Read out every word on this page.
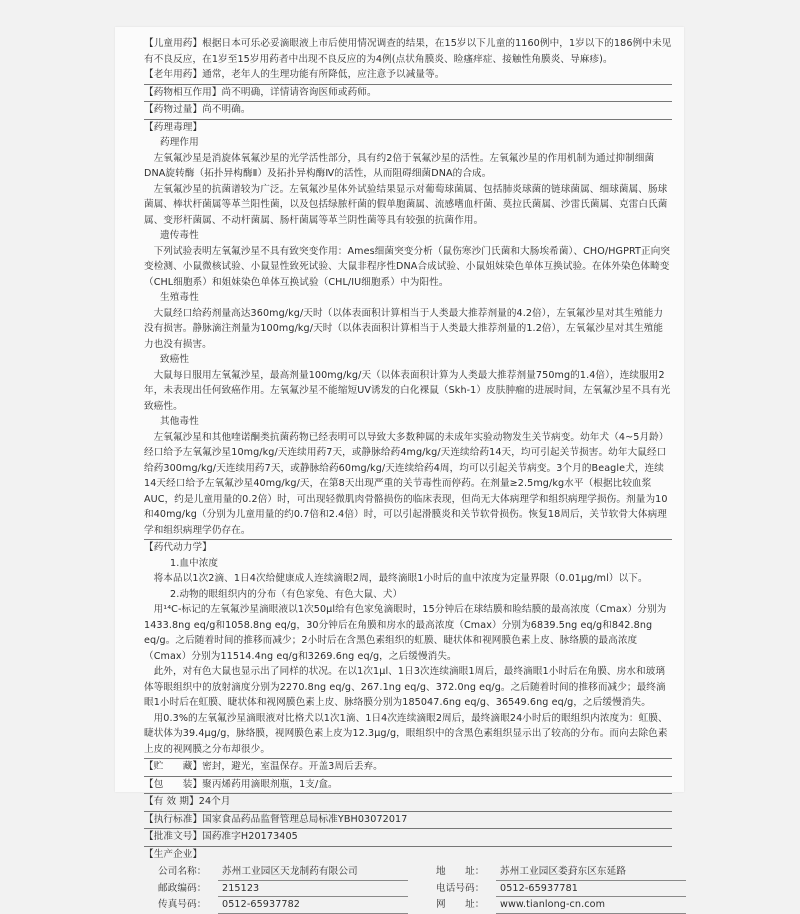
【儿童用药】根据日本可乐必妥滴眼液上市后使用情况调查的结果，在15岁以下儿童的1160例中，1岁以下的186例中未见有不良反应，在1岁至15岁用药者中出现不良反应的为4例(点状角膜炎、睑瘙痒症、接触性角膜炎、导麻疹)。

【老年用药】通常，老年人的生理功能有所降低，应注意予以减量等。

【药物相互作用】尚不明确，详情请咨询医师或药师。

【药物过量】尚不明确。

【药理毒理】

药理作用

左氧氟沙星是消旋体氧氟沙星的光学活性部分，具有约2倍于氧氟沙星的活性。左氧氟沙星的作用机制为通过抑制细菌DNA旋转酶（拓扑异构酶Ⅱ）及拓扑异构酶Ⅳ的活性，从而阻碍细菌DNA的合成。

左氧氟沙星的抗菌谱较为广泛。左氧氟沙星体外试验结果显示对葡萄球菌属、包括肺炎球菌的链球菌属、细球菌属、肠球菌属、棒状杆菌属等革兰阳性菌，以及包括绿脓杆菌的假单胞菌属、流感嗜血杆菌、莫拉氏菌属、沙雷氏菌属、克雷白氏菌属、变形杆菌属、不动杆菌属、肠杆菌属等革兰阴性菌等具有较强的抗菌作用。

遗传毒性

下列试验表明左氧氟沙星不具有致突变作用：Ames细菌突变分析（鼠伤寒沙门氏菌和大肠埃希菌）、CHO/HGPRT正向突变检测、小鼠微核试验、小鼠显性致死试验、大鼠非程序性DNA合成试验、小鼠姐妹染色单体互换试验。在体外染色体畸变（CHL细胞系）和姐妹染色单体互换试验（CHL/IU细胞系）中为阳性。

生殖毒性

大鼠经口给药剂量高达360mg/kg/天时（以体表面积计算相当于人类最大推荐剂量的4.2倍），左氧氟沙星对其生殖能力没有损害。静脉滴注剂量为100mg/kg/天时（以体表面积计算相当于人类最大推荐剂量的1.2倍），左氧氟沙星对其生殖能力也没有损害。

致癌性

大鼠每日服用左氧氟沙星，最高剂量100mg/kg/天（以体表面积计算为人类最大推荐剂量750mg的1.4倍），连续服用2年，未表现出任何致癌作用。左氧氟沙星不能缩短UV诱发的白化裸鼠（Skh-1）皮肤肿瘤的进展时间，左氧氟沙星不具有光致癌性。

其他毒性

左氧氟沙星和其他喹诺酮类抗菌药物已经表明可以导致大多数种属的未成年实验动物发生关节病变。幼年犬（4~5月龄）经口给予左氧氟沙星10mg/kg/天连续用药7天，或静脉给药4mg/kg/天连续给药14天，均可引起关节损害。幼年大鼠经口给药300mg/kg/天连续用药7天，或静脉给药60mg/kg/天连续给药4周，均可以引起关节病变。3个月的Beagle犬，连续14天经口给予左氧氟沙星40mg/kg/天，在第8天出现严重的关节毒性而停药。在剂量≥2.5mg/kg水平（根据比较血浆AUC，约是儿童用量的0.2倍）时，可出现轻微肌肉骨骼损伤的临床表现，但尚无大体病理学和组织病理学损伤。剂量为10和40mg/kg（分别为儿童用量的约0.7倍和2.4倍）时，可以引起滑膜炎和关节软骨损伤。恢复18周后，关节软骨大体病理学和组织病理学仍存在。

【药代动力学】

1.血中浓度

将本品以1次2滴、1日4次给健康成人连续滴眼2周，最终滴眼1小时后的血中浓度为定量界限（0.01μg/ml）以下。

2.动物的眼组织内的分布（有色家兔、有色大鼠、犬）

用¹⁴C-标记的左氧氟沙星滴眼液以1次50μl给有色家兔滴眼时，15分钟后在球结膜和睑结膜的最高浓度（Cmax）分别为1433.8ng eq/g和1058.8ng eq/g，30分钟后在角膜和房水的最高浓度（Cmax）分别为6839.5ng eq/g和842.8ng eq/g。之后随着时间的推移而减少；2小时后在含黑色素组织的虹膜、睫状体和视网膜色素上皮、脉络膜的最高浓度（Cmax）分别为11514.4ng eq/g和3269.6ng eq/g，之后缓慢消失。

此外，对有色大鼠也显示出了同样的状况。在以1次1μl、1日3次连续滴眼1周后，最终滴眼1小时后在角膜、房水和玻璃体等眼组织中的放射滴度分别为2270.8ng eq/g、267.1ng eq/g、372.0ng eq/g。之后随着时间的推移而减少；最终滴眼1小时后在虹膜、睫状体和视网膜色素上皮、脉络膜分别为185047.6ng eq/g、36549.6ng eq/g，之后缓慢消失。

用0.3%的左氧氟沙星滴眼液对比格犬以1次1滴、1日4次连续滴眼2周后，最终滴眼24小时后的眼组织内浓度为：虹膜、睫状体为39.4μg/g，脉络膜，视网膜色素上皮为12.3μg/g，眼组织中的含黑色素组织显示出了较高的分布。而向去除色素上皮的视网膜之分布却很少。

【贮　　藏】密封，避光，室温保存。开盖3周后丢弃。

【包　　装】聚丙烯药用滴眼剂瓶，1支/盒。

【有 效 期】24个月

【执行标准】国家食品药品监督管理总局标准YBH03072017

【批准文号】国药准字H20173405

【生产企业】

公司名称：	苏州工业园区天龙制药有限公司
邮政编码：	215123
传真号码：	0512-65937782
地　　址：	苏州工业园区娄葑东区东延路
电话号码：	0512-65937781
网　　址：	www.tianlong-cn.com
